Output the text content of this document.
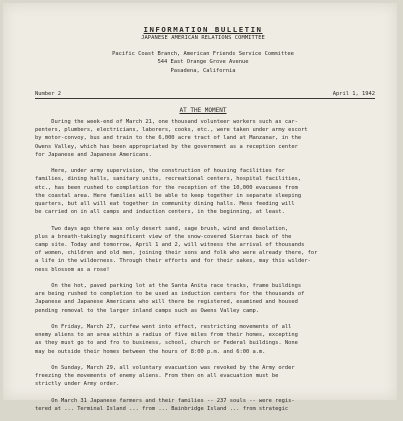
INFORMATION BULLETIN
JAPANESE AMERICAN RELATIONS COMMITTEE
Pacific Coast Branch, American Friends Service Committee
544 East Orange Grove Avenue
Pasadena, California
Number 2	April 1, 1942
AT THE MOMENT

During the week-end of March 21, one thousand volunteer workers such as car-
penters, plumbers, electricians, laborers, cooks, etc., were taken under army escort
by motor-convoy, bus and train to the 6,000 acre tract of land at Manzanar, in the
Owens Valley, which has been appropriated by the government as a reception center
for Japanese and Japanese Americans.

Here, under army supervision, the construction of housing facilities for
families, dining halls, sanitary units, recreational centers, hospital facilities,
etc., has been rushed to completion for the reception of the 10,000 evacuees from
the coastal area. Here families will be able to keep together in separate sleeping
quarters, but all will eat together in community dining halls. Mess feeding will
be carried on in all camps and induction centers, in the beginning, at least.

Two days ago there was only desert sand, sage brush, wind and desolation,
plus a breath-takingly magnificent view of the snow-covered Sierras back of the
camp site. Today and tomorrow, April 1 and 2, will witness the arrival of thousands
of women, children and old men, joining their sons and folk who were already there, for
a life in the wilderness. Through their efforts and for their sakes, may this wilder-
ness blossom as a rose!

On the hot, paved parking lot at the Santa Anita race tracks, frame buildings
are being rushed to completion to be used as induction centers for the thousands of
Japanese and Japanese Americans who will there be registered, examined and housed
pending removal to the larger inland camps such as Owens Valley camp.

On Friday, March 27, curfew went into effect, restricting movements of all
enemy aliens to an area within a radius of five miles from their homes, excepting
as they must go to and fro to business, school, church or Federal buildings. None
may be outside their homes between the hours of 8:00 p.m. and 6:00 a.m.

On Sunday, March 29, all voluntary evacuation was revoked by the Army order
freezing the movements of enemy aliens. From then on all evacuation must be
strictly under Army order.

On March 31 Japanese farmers and their families -- 237 souls -- were regis-
tered at ... Terminal Island ... from ... Bainbridge Island ... from strategic
